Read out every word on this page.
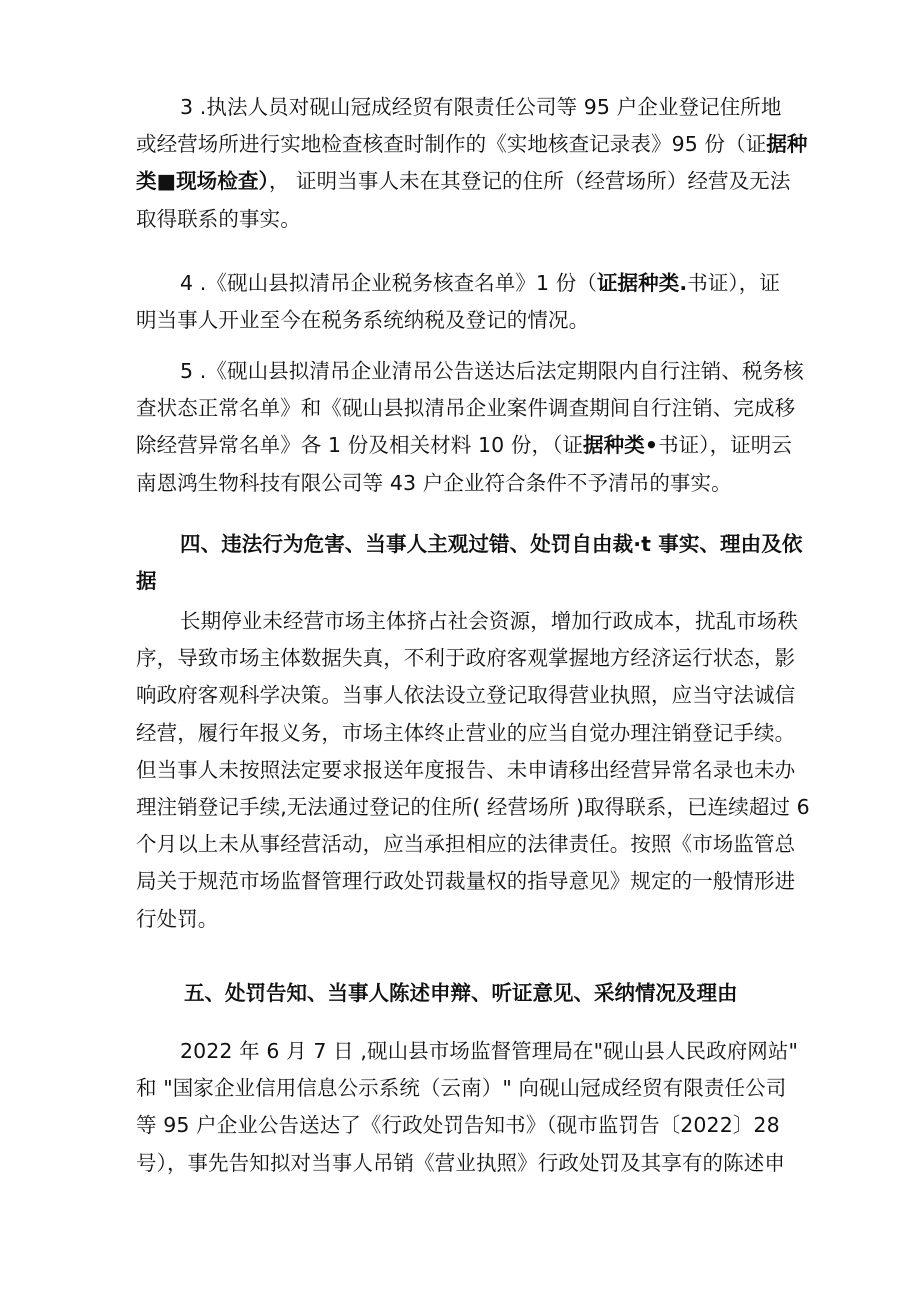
3 .执法人员对砚山冠成经贸有限责任公司等 95 户企业登记住所地
或经营场所进行实地检查核查时制作的《实地核查记录表》95 份（证据种
类■现场检查）， 证明当事人未在其登记的住所（经营场所）经营及无法
取得联系的事实。
4 .《砚山县拟清吊企业税务核查名单》1 份（证据种类.书证），证
明当事人开业至今在税务系统纳税及登记的情况。
5 .《砚山县拟清吊企业清吊公告送达后法定期限内自行注销、税务核
查状态正常名单》和《砚山县拟清吊企业案件调查期间自行注销、完成移
除经营异常名单》各 1 份及相关材料 10 份，（证据种类•书证），证明云
南恩鸿生物科技有限公司等 43 户企业符合条件不予清吊的事实。
四、违法行为危害、当事人主观过错、处罚自由裁·t 事实、理由及依
据
长期停业未经营市场主体挤占社会资源，增加行政成本，扰乱市场秩
序，导致市场主体数据失真，不利于政府客观掌握地方经济运行状态，影
响政府客观科学决策。当事人依法设立登记取得营业执照，应当守法诚信
经营，履行年报义务，市场主体终止营业的应当自觉办理注销登记手续。
但当事人未按照法定要求报送年度报告、未申请移出经营异常名录也未办
理注销登记手续,无法通过登记的住所( 经营场所 )取得联系，已连续超过 6
个月以上未从事经营活动，应当承担相应的法律责任。按照《市场监管总
局关于规范市场监督管理行政处罚裁量权的指导意见》规定的一般情形进
行处罚。
五、处罚告知、当事人陈述申辩、听证意见、采纳情况及理由
2022 年 6 月 7 日 ,砚山县市场监督管理局在"砚山县人民政府网站"
和 "国家企业信用信息公示系统（云南）" 向砚山冠成经贸有限责任公司
等 95 户企业公告送达了《行政处罚告知书》（砚市监罚告〔2022〕28
号），事先告知拟对当事人吊销《营业执照》行政处罚及其享有的陈述申
